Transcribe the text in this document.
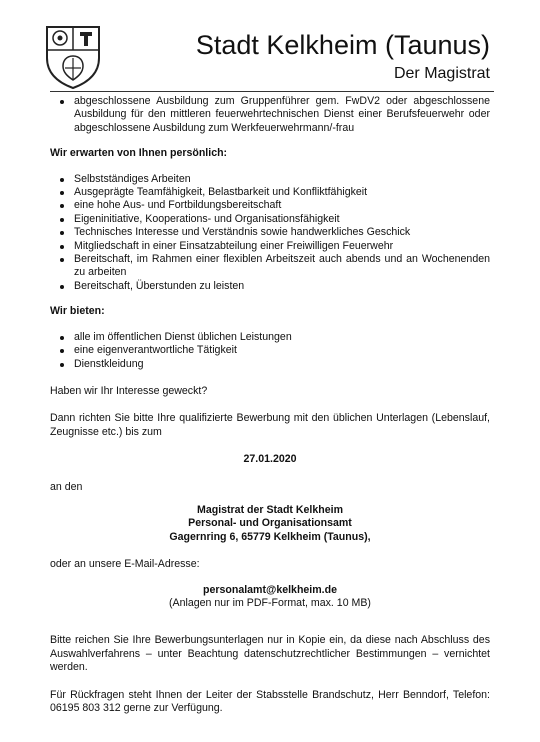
Stadt Kelkheim (Taunus)
Der Magistrat
abgeschlossene Ausbildung zum Gruppenführer gem. FwDV2 oder abgeschlossene Ausbildung für den mittleren feuerwehrtechnischen Dienst einer Berufsfeuerwehr oder abgeschlossene Ausbildung zum Werkfeuerwehrmann/-frau

Wir erwarten von Ihnen persönlich:

Selbstständiges Arbeiten
Ausgeprägte Teamfähigkeit, Belastbarkeit und Konfliktfähigkeit
eine hohe Aus- und Fortbildungsbereitschaft
Eigeninitiative, Kooperations- und Organisationsfähigkeit
Technisches Interesse und Verständnis sowie handwerkliches Geschick
Mitgliedschaft in einer Einsatzabteilung einer Freiwilligen Feuerwehr
Bereitschaft, im Rahmen einer flexiblen Arbeitszeit auch abends und an Wochenenden zu arbeiten
Bereitschaft, Überstunden zu leisten

Wir bieten:

alle im öffentlichen Dienst üblichen Leistungen
eine eigenverantwortliche Tätigkeit
Dienstkleidung

Haben wir Ihr Interesse geweckt?

Dann richten Sie bitte Ihre qualifizierte Bewerbung mit den üblichen Unterlagen (Lebenslauf, Zeugnisse etc.) bis zum

27.01.2020

an den

Magistrat der Stadt Kelkheim

Personal- und Organisationsamt

Gagernring 6, 65779 Kelkheim (Taunus),

oder an unsere E-Mail-Adresse:

personalamt@kelkheim.de

(Anlagen nur im PDF-Format, max. 10 MB)

Bitte reichen Sie Ihre Bewerbungsunterlagen nur in Kopie ein, da diese nach Abschluss des Auswahlverfahrens – unter Beachtung datenschutzrechtlicher Bestimmungen – vernichtet werden.

Für Rückfragen steht Ihnen der Leiter der Stabsstelle Brandschutz, Herr Benndorf, Telefon: 06195 803 312 gerne zur Verfügung.
